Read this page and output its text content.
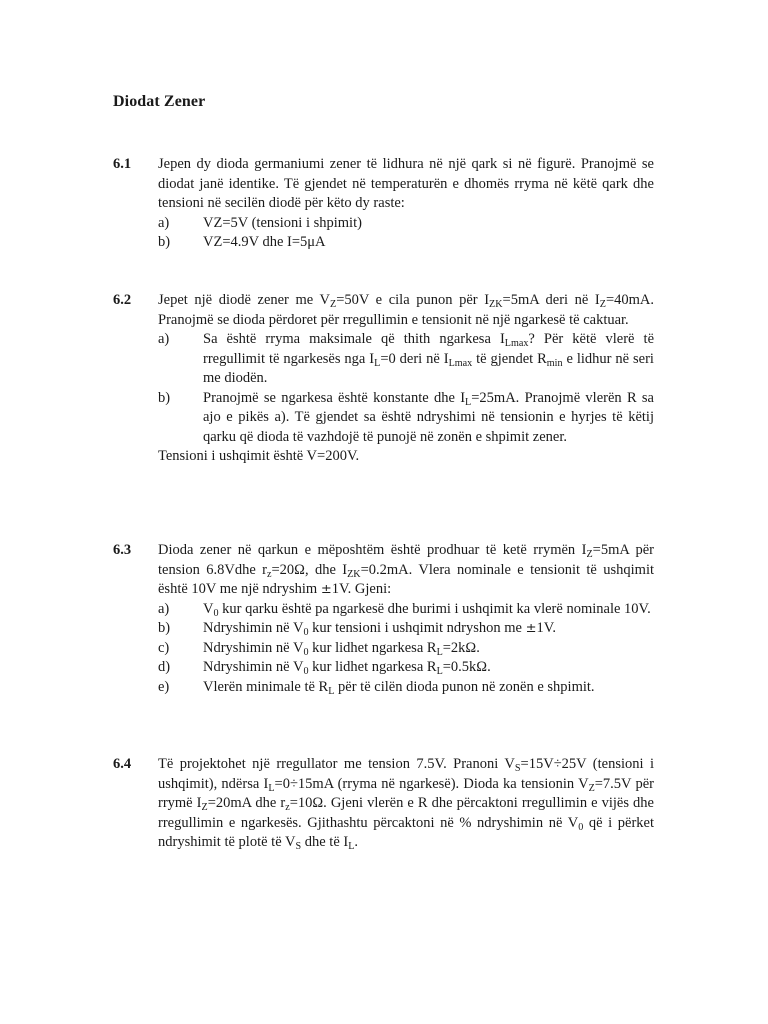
Diodat Zener
6.1	Jepen dy dioda germaniumi zener të lidhura në një qark si në figurë. Pranojmë se diodat janë identike. Të gjendet në temperaturën e dhomës rryma në këtë qark dhe tensioni në secilën diodë për këto dy raste:

a)	VZ=5V (tensioni i shpimit)
b)	VZ=4.9V dhe I=5μA
6.2	Jepet një diodë zener me $V_Z=50V$ e cila punon për $I_{ZK}=5mA$ deri në $I_Z=40mA$. Pranojmë se dioda përdoret për rregullimin e tensionit në një ngarkesë të caktuar.

a)	Sa është rryma maksimale që thith ngarkesa $I_{Lmax}$? Për këtë vlerë të rregullimit të ngarkesës nga $I_L=0$ deri në $I_{Lmax}$ të gjendet $R_{min}$ e lidhur në seri me diodën.
b)	Pranojmë se ngarkesa është konstante dhe $I_L=25mA$. Pranojmë vlerën R sa ajo e pikës a). Të gjendet sa është ndryshimi në tensionin e hyrjes të këtij qarku që dioda të vazhdojë të punojë në zonën e shpimit zener.

Tensioni i ushqimit është V=200V.

6.3	Dioda zener në qarkun e mëposhtëm është prodhuar të ketë rrymën $I_Z=5mA$ për tension 6.8Vdhe $r_z=20\Omega$, dhe $I_{ZK}=0.2mA$. Vlera nominale e tensionit të ushqimit është 10V me një ndryshim ±1V. Gjeni:

a)	$V_0$ kur qarku është pa ngarkesë dhe burimi i ushqimit ka vlerë nominale 10V.
b)	Ndryshimin në $V_0$ kur tensioni i ushqimit ndryshon me ±1V.
c)	Ndryshimin në $V_0$ kur lidhet ngarkesa $R_L=2k\Omega$.
d)	Ndryshimin në $V_0$ kur lidhet ngarkesa $R_L=0.5k\Omega$.
e)	Vlerën minimale të $R_L$ për të cilën dioda punon në zonën e shpimit.
6.4	Të projektohet një rregullator me tension 7.5V. Pranoni $V_S=15V\div 25V$ (tensioni i ushqimit), ndërsa $I_L=0\div 15mA$ (rryma në ngarkesë). Dioda ka tensionin $V_Z=7.5V$ për rrymë $I_Z=20mA$ dhe $r_z=10\Omega$. Gjeni vlerën e R dhe përcaktoni rregullimin e vijës dhe rregullimin e ngarkesës. Gjithashtu përcaktoni në % ndryshimin në $V_0$ që i përket ndryshimit të plotë të $V_S$ dhe të $I_L$.
